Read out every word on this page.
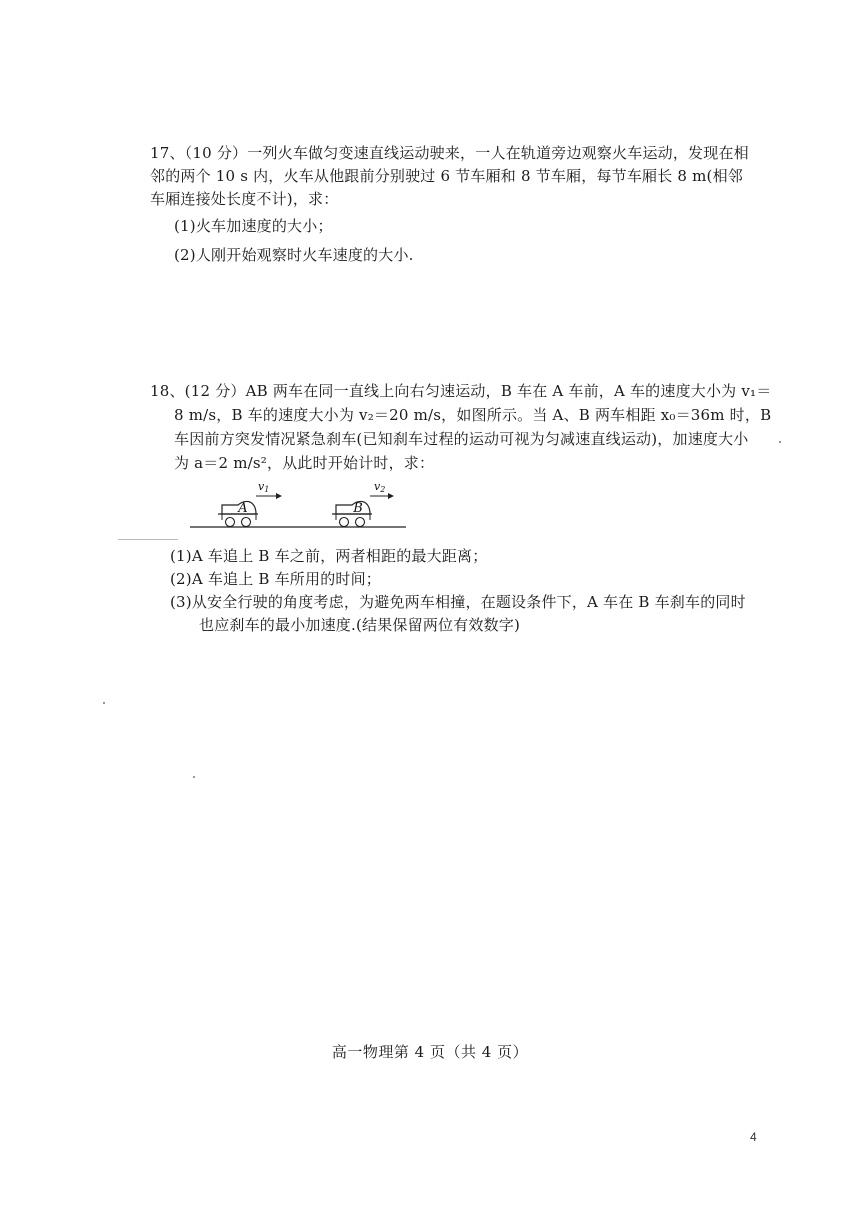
17、（10 分）一列火车做匀变速直线运动驶来，一人在轨道旁边观察火车运动，发现在相
邻的两个 10 s 内，火车从他跟前分别驶过 6 节车厢和 8 节车厢，每节车厢长 8 m(相邻
车厢连接处长度不计)，求：
(1)火车加速度的大小；
(2)人刚开始观察时火车速度的大小.
18、(12 分）AB 两车在同一直线上向右匀速运动，B 车在 A 车前，A 车的速度大小为 v₁＝
8 m/s，B 车的速度大小为 v₂＝20 m/s，如图所示。当 A、B 两车相距 x₀＝36m 时，B
车因前方突发情况紧急刹车(已知刹车过程的运动可视为匀减速直线运动)，加速度大小
为 a＝2 m/s²，从此时开始计时，求：
A
v1
B
v2
(1)A 车追上 B 车之前，两者相距的最大距离；
(2)A 车追上 B 车所用的时间；
(3)从安全行驶的角度考虑，为避免两车相撞，在题设条件下，A 车在 B 车刹车的同时
也应刹车的最小加速度.(结果保留两位有效数字)
高一物理第 4 页（共 4 页）
4
